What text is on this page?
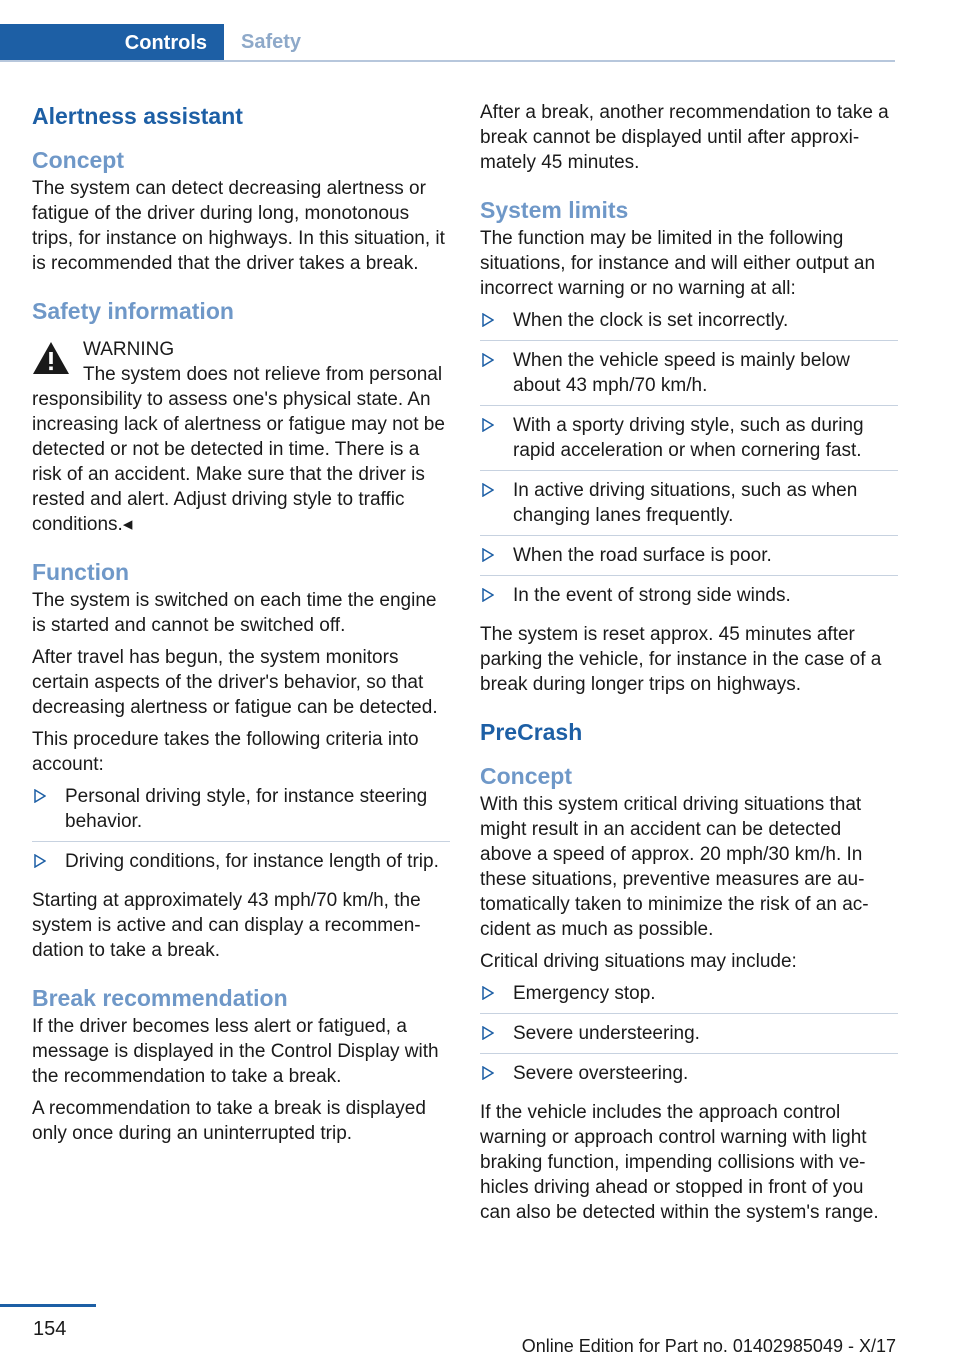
Controls Safety
Alertness assistant
Concept

The system can detect decreasing alertness or fatigue of the driver during long, monotonous trips, for instance on highways. In this situation, it is recommended that the driver takes a break.

Safety information
WARNING

The system does not relieve from personal responsibility to assess one's physical state. An increasing lack of alertness or fatigue may not be detected or not be detected in time. There is a risk of an accident. Make sure that the driver is rested and alert. Adjust driving style to traffic conditions.◂

Function

The system is switched on each time the engine is started and cannot be switched off.

After travel has begun, the system monitors certain aspects of the driver's behavior, so that decreasing alertness or fatigue can be detected.

This procedure takes the following criteria into account:

Personal driving style, for instance steering behavior.
Driving conditions, for instance length of trip.

Starting at approximately 43 mph/70 km/h, the system is active and can display a recommendation to take a break.

Break recommendation

If the driver becomes less alert or fatigued, a message is displayed in the Control Display with the recommendation to take a break.

A recommendation to take a break is displayed only once during an uninterrupted trip.

After a break, another recommendation to take a break cannot be displayed until after approximately 45 minutes.

System limits

The function may be limited in the following situations, for instance and will either output an incorrect warning or no warning at all:

When the clock is set incorrectly.
When the vehicle speed is mainly below about 43 mph/70 km/h.
With a sporty driving style, such as during rapid acceleration or when cornering fast.
In active driving situations, such as when changing lanes frequently.
When the road surface is poor.
In the event of strong side winds.

The system is reset approx. 45 minutes after parking the vehicle, for instance in the case of a break during longer trips on highways.

PreCrash
Concept

With this system critical driving situations that might result in an accident can be detected above a speed of approx. 20 mph/30 km/h. In these situations, preventive measures are automatically taken to minimize the risk of an accident as much as possible.

Critical driving situations may include:

Emergency stop.
Severe understeering.
Severe oversteering.

If the vehicle includes the approach control warning or approach control warning with light braking function, impending collisions with vehicles driving ahead or stopped in front of you can also be detected within the system's range.

154
Online Edition for Part no. 01402985049 - X/17
